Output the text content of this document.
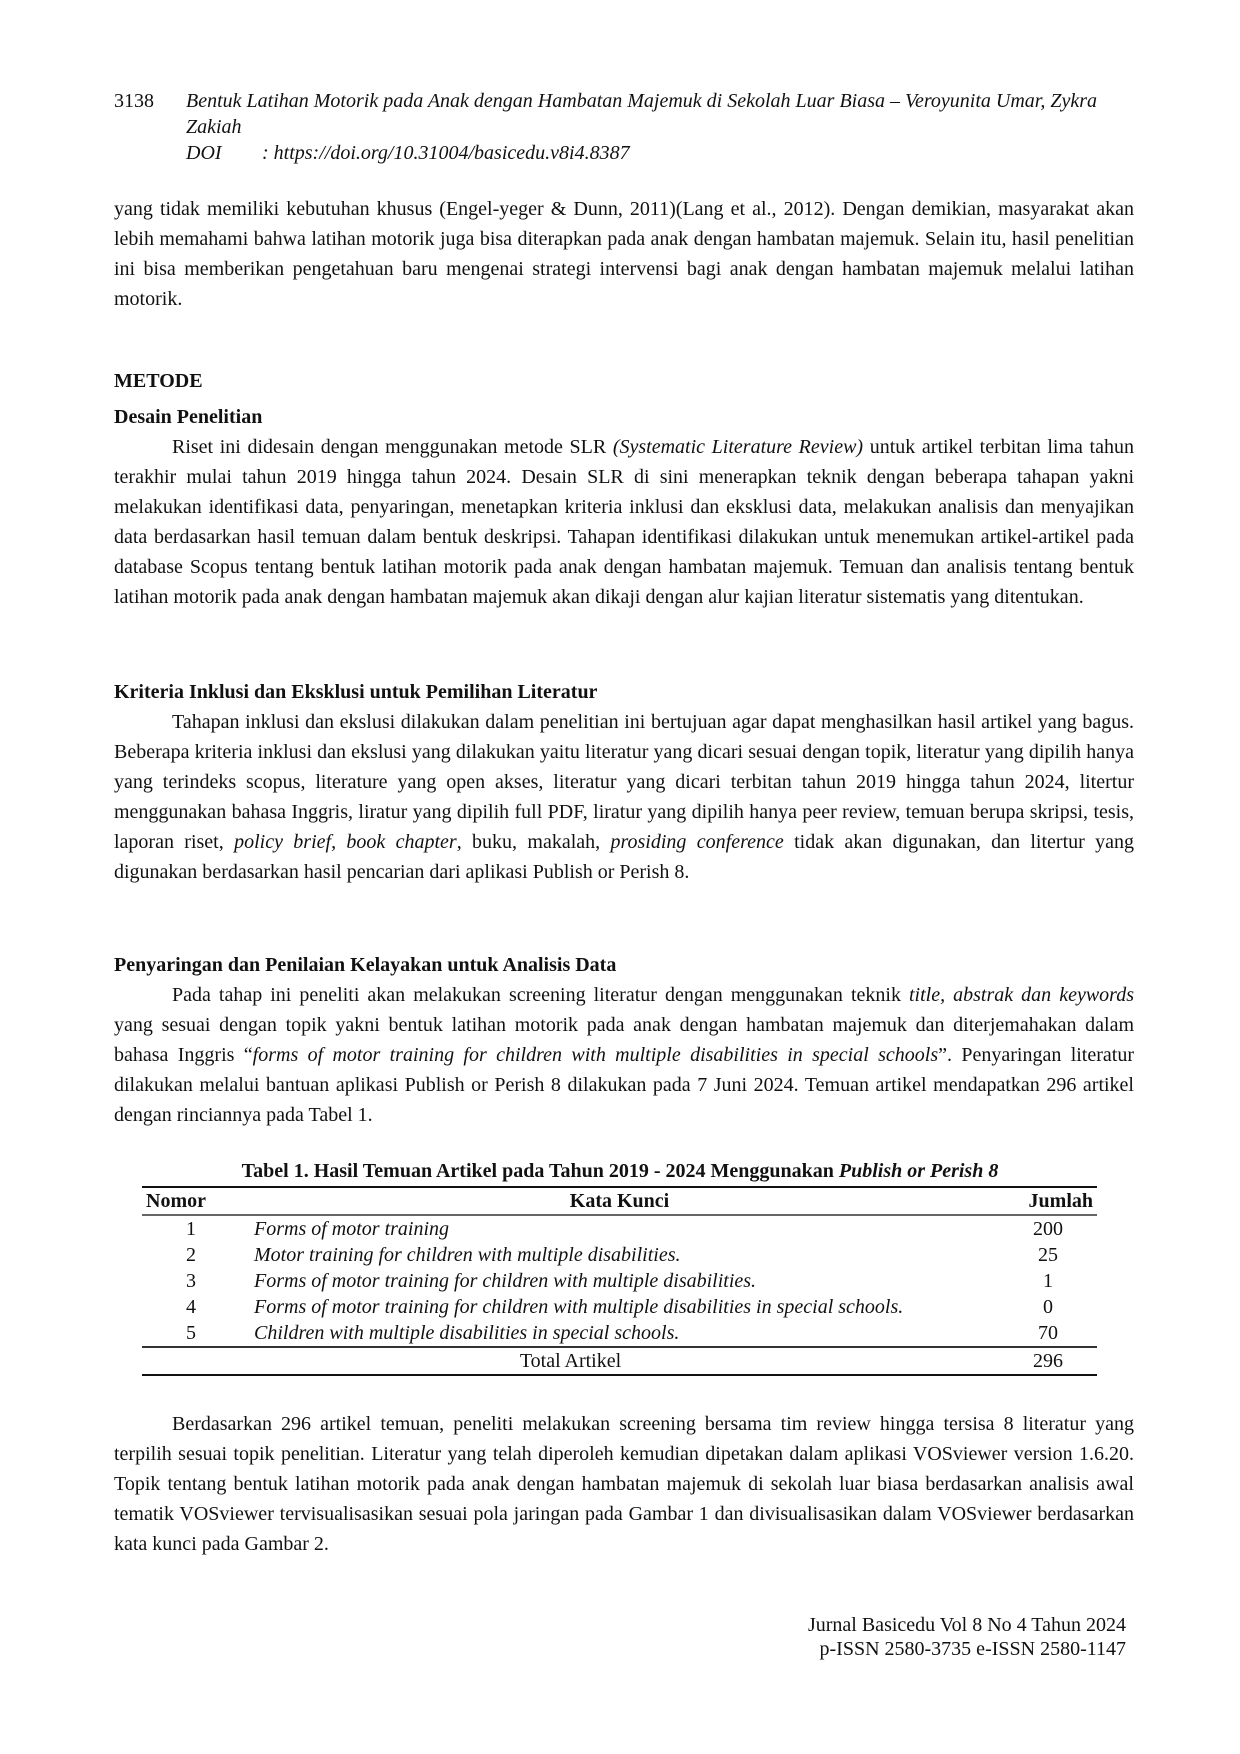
3138 Bentuk Latihan Motorik pada Anak dengan Hambatan Majemuk di Sekolah Luar Biasa – Veroyunita Umar, Zykra Zakiah
DOI : https://doi.org/10.31004/basicedu.v8i4.8387

yang tidak memiliki kebutuhan khusus (Engel-yeger & Dunn, 2011)(Lang et al., 2012). Dengan demikian, masyarakat akan lebih memahami bahwa latihan motorik juga bisa diterapkan pada anak dengan hambatan majemuk. Selain itu, hasil penelitian ini bisa memberikan pengetahuan baru mengenai strategi intervensi bagi anak dengan hambatan majemuk melalui latihan motorik.

METODE
Desain Penelitian

Riset ini didesain dengan menggunakan metode SLR (Systematic Literature Review) untuk artikel terbitan lima tahun terakhir mulai tahun 2019 hingga tahun 2024. Desain SLR di sini menerapkan teknik dengan beberapa tahapan yakni melakukan identifikasi data, penyaringan, menetapkan kriteria inklusi dan eksklusi data, melakukan analisis dan menyajikan data berdasarkan hasil temuan dalam bentuk deskripsi. Tahapan identifikasi dilakukan untuk menemukan artikel-artikel pada database Scopus tentang bentuk latihan motorik pada anak dengan hambatan majemuk. Temuan dan analisis tentang bentuk latihan motorik pada anak dengan hambatan majemuk akan dikaji dengan alur kajian literatur sistematis yang ditentukan.

Kriteria Inklusi dan Eksklusi untuk Pemilihan Literatur

Tahapan inklusi dan ekslusi dilakukan dalam penelitian ini bertujuan agar dapat menghasilkan hasil artikel yang bagus. Beberapa kriteria inklusi dan ekslusi yang dilakukan yaitu literatur yang dicari sesuai dengan topik, literatur yang dipilih hanya yang terindeks scopus, literature yang open akses, literatur yang dicari terbitan tahun 2019 hingga tahun 2024, litertur menggunakan bahasa Inggris, liratur yang dipilih full PDF, liratur yang dipilih hanya peer review, temuan berupa skripsi, tesis, laporan riset, policy brief, book chapter, buku, makalah, prosiding conference tidak akan digunakan, dan litertur yang digunakan berdasarkan hasil pencarian dari aplikasi Publish or Perish 8.

Penyaringan dan Penilaian Kelayakan untuk Analisis Data

Pada tahap ini peneliti akan melakukan screening literatur dengan menggunakan teknik title, abstrak dan keywords yang sesuai dengan topik yakni bentuk latihan motorik pada anak dengan hambatan majemuk dan diterjemahakan dalam bahasa Inggris “forms of motor training for children with multiple disabilities in special schools”. Penyaringan literatur dilakukan melalui bantuan aplikasi Publish or Perish 8 dilakukan pada 7 Juni 2024. Temuan artikel mendapatkan 296 artikel dengan rinciannya pada Tabel 1.

Tabel 1. Hasil Temuan Artikel pada Tahun 2019 - 2024 Menggunakan Publish or Perish 8
Nomor	Kata Kunci	Jumlah
1	Forms of motor training	200
2	Motor training for children with multiple disabilities.	25
3	Forms of motor training for children with multiple disabilities.	1
4	Forms of motor training for children with multiple disabilities in special schools.	0
5	Children with multiple disabilities in special schools.	70
Total Artikel		296

Berdasarkan 296 artikel temuan, peneliti melakukan screening bersama tim review hingga tersisa 8 literatur yang terpilih sesuai topik penelitian. Literatur yang telah diperoleh kemudian dipetakan dalam aplikasi VOSviewer version 1.6.20. Topik tentang bentuk latihan motorik pada anak dengan hambatan majemuk di sekolah luar biasa berdasarkan analisis awal tematik VOSviewer tervisualisasikan sesuai pola jaringan pada Gambar 1 dan divisualisasikan dalam VOSviewer berdasarkan kata kunci pada Gambar 2.

Jurnal Basicedu Vol 8 No 4 Tahun 2024
p-ISSN 2580-3735 e-ISSN 2580-1147
